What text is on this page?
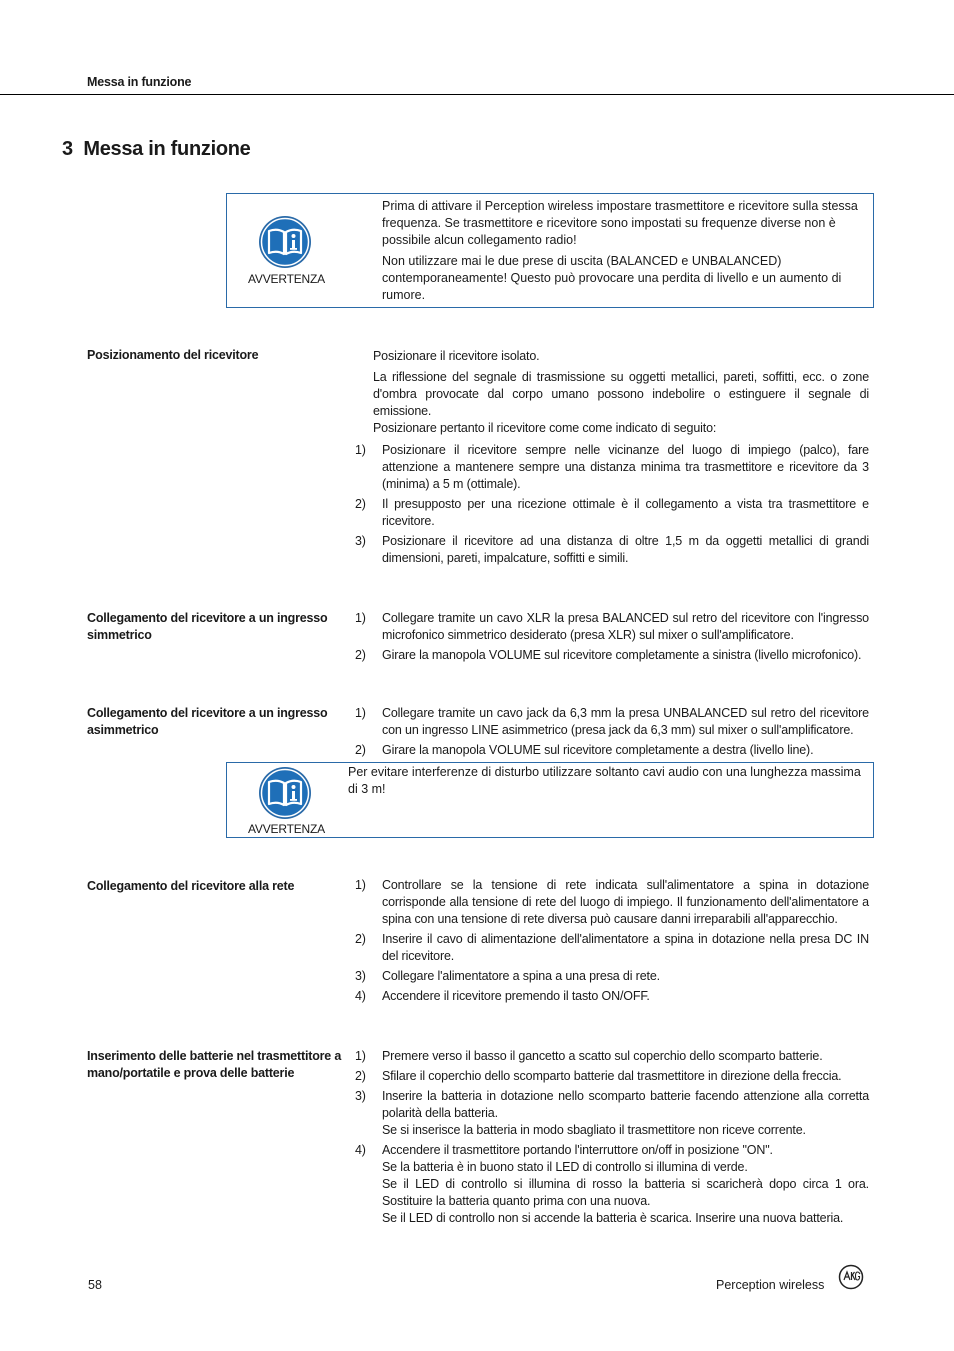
Messa in funzione
3 Messa in funzione
AVVERTENZA

Prima di attivare il Perception wireless impostare trasmettitore e ricevitore sulla stessa frequenza. Se trasmettitore e ricevitore sono impostati su frequenze diverse non è possibile alcun collegamento radio!

Non utilizzare mai le due prese di uscita (BALANCED e UNBALANCED) contemporaneamente! Questo può provocare una perdita di livello e un aumento di rumore.

Posizionamento del ricevitore	Posizionare il ricevitore isolato.

La riflessione del segnale di trasmissione su oggetti metallici, pareti, soffitti, ecc. o zone d'ombra provocate dal corpo umano possono indebolire o estinguere il segnale di emissione.

Posizionare pertanto il ricevitore come come indicato di seguito:

1)	Posizionare il ricevitore sempre nelle vicinanze del luogo di impiego (palco), fare attenzione a mantenere sempre una distanza minima tra trasmettitore e ricevitore da 3 (minima) a 5 m (ottimale).
2)	Il presupposto per una ricezione ottimale è il collegamento a vista tra trasmettitore e ricevitore.
3)	Posizionare il ricevitore ad una distanza di oltre 1,5 m da oggetti metallici di grandi dimensioni, pareti, impalcature, soffitti e simili.
Collegamento del ricevitore a un ingresso simmetrico
1)	Collegare tramite un cavo XLR la presa BALANCED sul retro del ricevitore con l'ingresso microfonico simmetrico desiderato (presa XLR) sul mixer o sull'amplificatore.
2)	Girare la manopola VOLUME sul ricevitore completamente a sinistra (livello microfonico).
Collegamento del ricevitore a un ingresso asimmetrico
1)	Collegare tramite un cavo jack da 6,3 mm la presa UNBALANCED sul retro del ricevitore con un ingresso LINE asimmetrico (presa jack da 6,3 mm) sul mixer o sull'amplificatore.
2)	Girare la manopola VOLUME sul ricevitore completamente a destra (livello line).
AVVERTENZA
Per evitare interferenze di disturbo utilizzare soltanto cavi audio con una lunghezza massima di 3 m!
Collegamento del ricevitore alla rete	1)	Controllare se la tensione di rete indicata sull'alimentatore a spina in dotazione corrisponde alla tensione di rete del luogo di impiego. Il funzionamento dell'alimentatore a spina con una tensione di rete diversa può causare danni irreparabili all'apparecchio.
2)	Inserire il cavo di alimentazione dell'alimentatore a spina in dotazione nella presa DC IN del ricevitore.
3)	Collegare l'alimentatore a spina a una presa di rete.
4)	Accendere il ricevitore premendo il tasto ON/OFF.
Inserimento delle batterie nel trasmettitore a mano/portatile e prova delle batterie
1)	Premere verso il basso il gancetto a scatto sul coperchio dello scomparto batterie.
2)	Sfilare il coperchio dello scomparto batterie dal trasmettitore in direzione della freccia.
3)	Inserire la batteria in dotazione nello scomparto batterie facendo attenzione alla corretta polarità della batteria.
Se si inserisce la batteria in modo sbagliato il trasmettitore non riceve corrente.
4)	Accendere il trasmettitore portando l'interruttore on/off in posizione "ON".
Se la batteria è in buono stato il LED di controllo si illumina di verde.
Se il LED di controllo si illumina di rosso la batteria si scaricherà dopo circa 1 ora. Sostituire la batteria quanto prima con una nuova.
Se il LED di controllo non si accende la batteria è scarica. Inserire una nuova batteria.
58	Perception wireless
